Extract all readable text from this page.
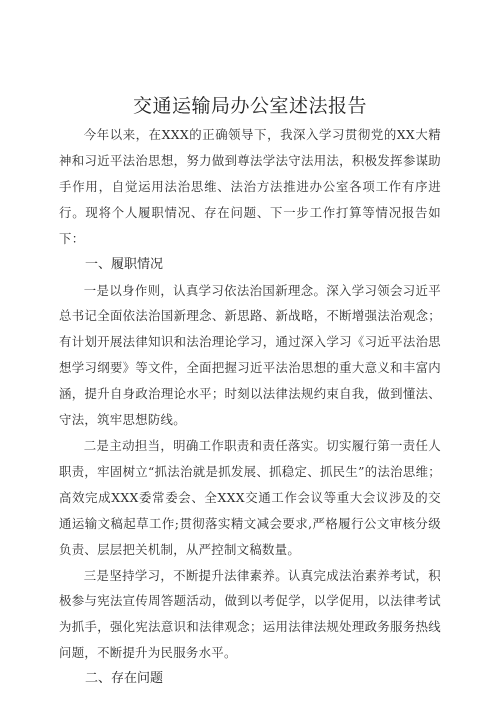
交通运输局办公室述法报告

今年以来，在XXX的正确领导下，我深入学习贯彻党的XX大精神和习近平法治思想，努力做到尊法学法守法用法，积极发挥参谋助手作用，自觉运用法治思维、法治方法推进办公室各项工作有序进行。现将个人履职情况、存在问题、下一步工作打算等情况报告如下：

一、履职情况

一是以身作则，认真学习依法治国新理念。深入学习领会习近平总书记全面依法治国新理念、新思路、新战略，不断增强法治观念；有计划开展法律知识和法治理论学习，通过深入学习《习近平法治思想学习纲要》等文件，全面把握习近平法治思想的重大意义和丰富内涵，提升自身政治理论水平；时刻以法律法规约束自我，做到懂法、守法，筑牢思想防线。

二是主动担当，明确工作职责和责任落实。切实履行第一责任人职责，牢固树立“抓法治就是抓发展、抓稳定、抓民生”的法治思维；高效完成XXX委常委会、全XXX交通工作会议等重大会议涉及的交通运输文稿起草工作;贯彻落实精文减会要求,严格履行公文审核分级负责、层层把关机制，从严控制文稿数量。

三是坚持学习，不断提升法律素养。认真完成法治素养考试，积极参与宪法宣传周答题活动，做到以考促学，以学促用，以法律考试为抓手，强化宪法意识和法律观念；运用法律法规处理政务服务热线问题，不断提升为民服务水平。

二、存在问题
